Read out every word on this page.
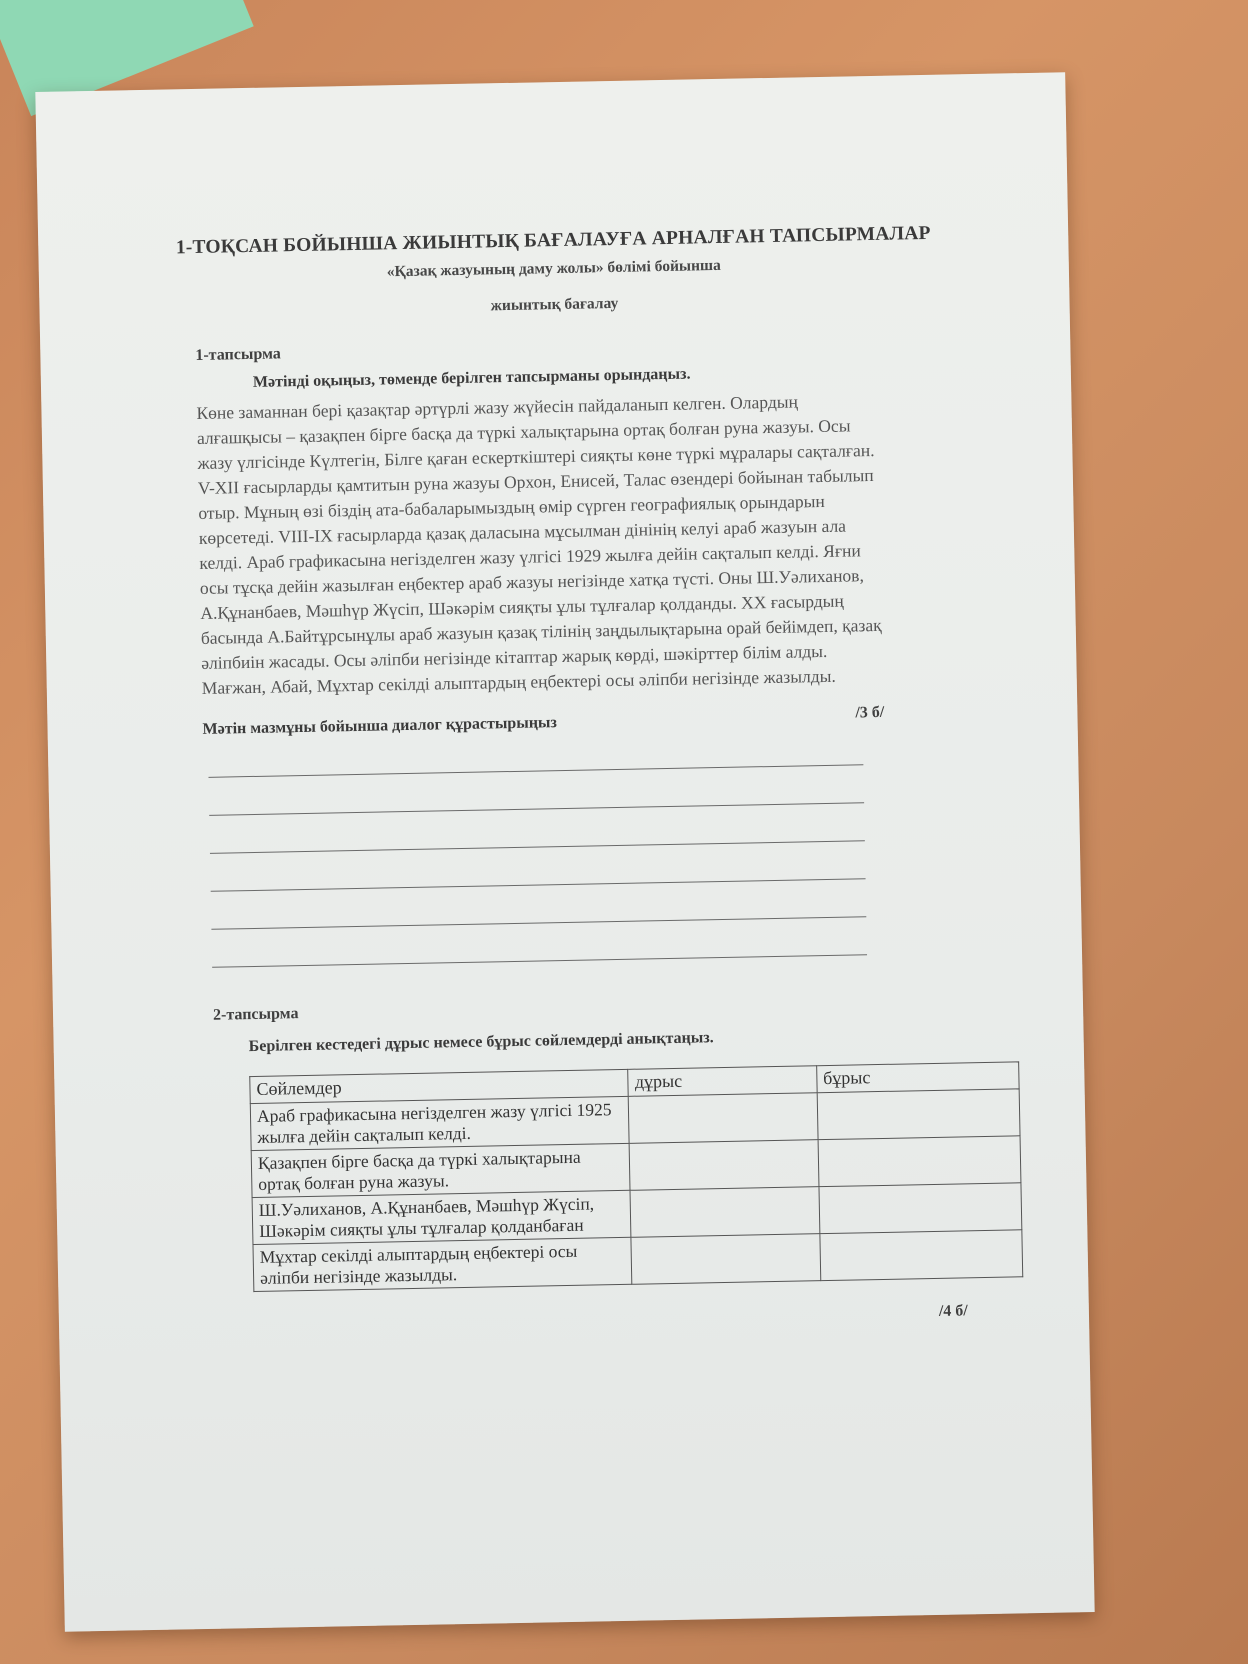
1-ТОҚСАН БОЙЫНША ЖИЫНТЫҚ БАҒАЛАУҒА АРНАЛҒАН ТАПСЫРМАЛАР
«Қазақ жазуының даму жолы» бөлімі бойынша
жиынтық бағалау
1-тапсырма
Мәтінді оқыңыз, төменде берілген тапсырманы орындаңыз.

Көне заманнан бері қазақтар әртүрлі жазу жүйесін пайдаланып келген. Олардың
алғашқысы – қазақпен бірге басқа да түркі халықтарына ортақ болған руна жазуы. Осы
жазу үлгісінде Күлтегін, Білге қаған ескерткіштері сияқты көне түркі мұралары сақталған.
V-XII ғасырларды қамтитын руна жазуы Орхон, Енисей, Талас өзендері бойынан табылып
отыр. Мұның өзі біздің ата-бабаларымыздың өмір сүрген географиялық орындарын
көрсетеді. VIII-IX ғасырларда қазақ даласына мұсылман дінінің келуі араб жазуын ала
келді. Араб графикасына негізделген жазу үлгісі 1929 жылға дейін сақталып келді. Яғни
осы тұсқа дейін жазылған еңбектер араб жазуы негізінде хатқа түсті. Оны Ш.Уәлиханов,
А.Құнанбаев, Мәшһүр Жүсіп, Шәкәрім сияқты ұлы тұлғалар қолданды. XX ғасырдың
басында А.Байтұрсынұлы араб жазуын қазақ тілінің заңдылықтарына орай бейімдеп, қазақ
әліпбиін жасады. Осы әліпби негізінде кітаптар жарық көрді, шәкірттер білім алды.
Мағжан, Абай, Мұхтар секілді алыптардың еңбектері осы әліпби негізінде жазылды.

Мәтін мазмұны бойынша диалог құрастырыңыз
/3 б/
2-тапсырма
Берілген кестедегі дұрыс немесе бұрыс сөйлемдерді анықтаңыз.
Сөйлемдер	дұрыс	бұрыс
Араб графикасына негізделген жазу үлгісі 1925 жылға дейін сақталып келді.		
Қазақпен бірге басқа да түркі халықтарына ортақ болған руна жазуы.		
Ш.Уәлиханов, А.Құнанбаев, Мәшһүр Жүсіп, Шәкәрім сияқты ұлы тұлғалар қолданбаған		
Мұхтар секілді алыптардың еңбектері осы әліпби негізінде жазылды.		
/4 б/
